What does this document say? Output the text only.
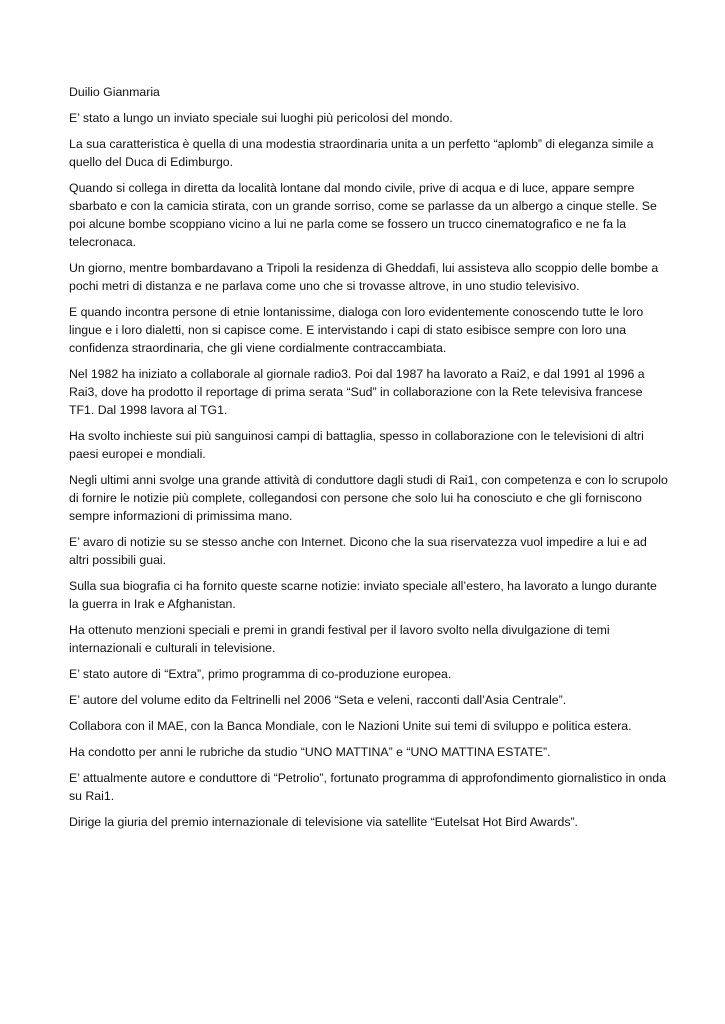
Duilio Gianmaria

E’ stato a lungo un inviato speciale sui luoghi più pericolosi del mondo.

La sua caratteristica è quella di una modestia straordinaria unita a un perfetto “aplomb” di eleganza simile a quello del Duca di Edimburgo.

Quando si collega in diretta da località lontane dal mondo civile, prive di acqua e di luce, appare sempre sbarbato e con la camicia stirata, con un grande sorriso, come se parlasse da un albergo a cinque stelle. Se poi alcune bombe scoppiano vicino a lui ne parla come se fossero un trucco cinematografico e ne fa la telecronaca.

Un giorno, mentre bombardavano a Tripoli la residenza di Gheddafi, lui assisteva allo scoppio delle bombe a pochi metri di distanza e ne parlava come uno che si trovasse altrove, in uno studio televisivo.

E quando incontra persone di etnie lontanissime, dialoga con loro evidentemente conoscendo tutte le loro lingue e i loro dialetti, non si capisce come. E intervistando i capi di stato esibisce sempre con loro una confidenza straordinaria, che gli viene cordialmente contraccambiata.

Nel 1982 ha iniziato a collaborale al giornale radio3. Poi dal 1987 ha lavorato a Rai2, e dal 1991 al 1996 a Rai3, dove ha prodotto il reportage di prima serata “Sud” in collaborazione con la Rete televisiva francese TF1. Dal 1998 lavora al TG1.

Ha svolto inchieste sui più sanguinosi campi di battaglia, spesso in collaborazione con le televisioni di altri paesi europei e mondiali.

Negli ultimi anni svolge una grande attività di conduttore dagli studi di Rai1, con competenza e con lo scrupolo di fornire le notizie più complete, collegandosi con persone che solo lui ha conosciuto e che gli forniscono sempre informazioni di primissima mano.

E’ avaro di notizie su se stesso anche con Internet. Dicono che la sua riservatezza vuol impedire a lui e ad altri possibili guai.

Sulla sua biografia ci ha fornito queste scarne notizie: inviato speciale all’estero, ha lavorato a lungo durante la guerra in Irak e Afghanistan.

Ha ottenuto menzioni speciali e premi in grandi festival per il lavoro svolto nella divulgazione di temi internazionali e culturali in televisione.

E’ stato autore di “Extra”, primo programma di co-produzione europea.

E’ autore del volume edito da Feltrinelli nel 2006 “Seta e veleni, racconti dall’Asia Centrale”.

Collabora con il MAE, con la Banca Mondiale, con le Nazioni Unite sui temi di sviluppo e politica estera.

Ha condotto per anni le rubriche da studio “UNO MATTINA” e “UNO MATTINA ESTATE”.

E’ attualmente autore e conduttore di “Petrolio”, fortunato programma di approfondimento giornalistico in onda su Rai1.

Dirige la giuria del premio internazionale di televisione via satellite “Eutelsat Hot Bird Awards”.
